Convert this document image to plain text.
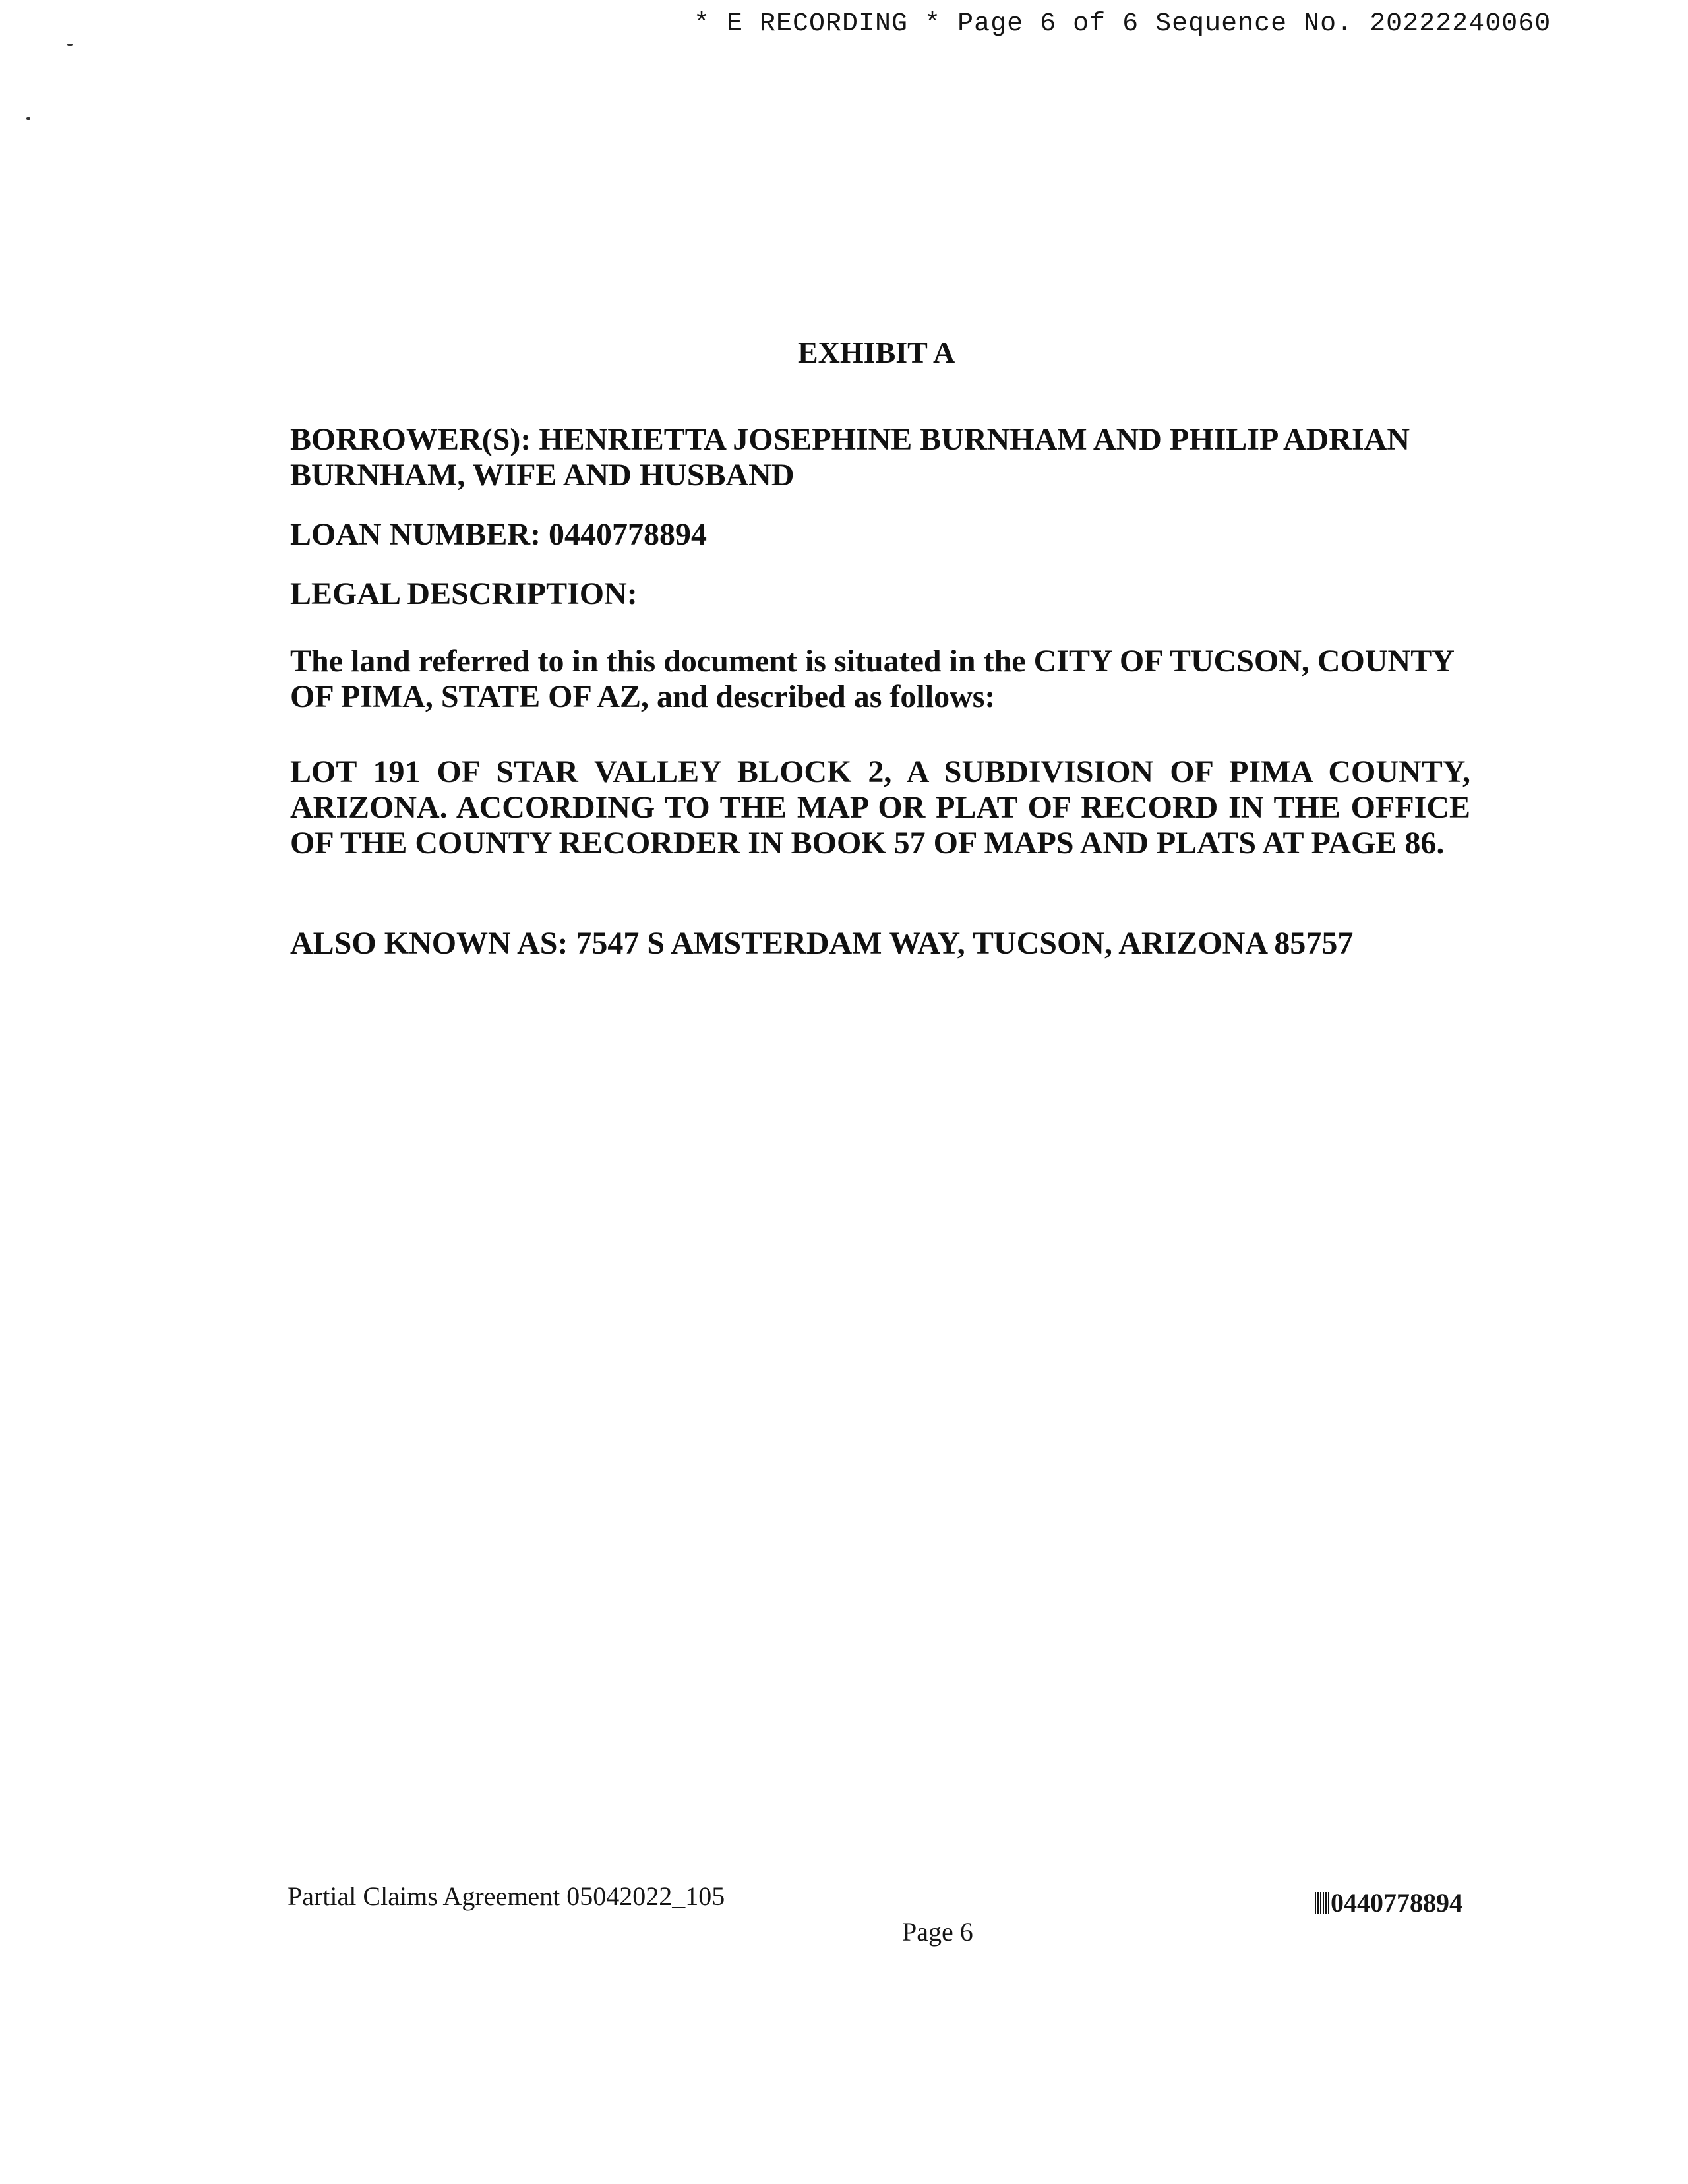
* E RECORDING * Page 6 of 6 Sequence No. 20222240060
EXHIBIT A
BORROWER(S): HENRIETTA JOSEPHINE BURNHAM AND PHILIP ADRIAN BURNHAM, WIFE AND HUSBAND
LOAN NUMBER: 0440778894
LEGAL DESCRIPTION:
The land referred to in this document is situated in the CITY OF TUCSON, COUNTY OF PIMA, STATE OF AZ, and described as follows:
LOT 191 OF STAR VALLEY BLOCK 2, A SUBDIVISION OF PIMA COUNTY, ARIZONA. ACCORDING TO THE MAP OR PLAT OF RECORD IN THE OFFICE OF THE COUNTY RECORDER IN BOOK 57 OF MAPS AND PLATS AT PAGE 86.
ALSO KNOWN AS: 7547 S AMSTERDAM WAY, TUCSON, ARIZONA 85757
Partial Claims Agreement 05042022_105
Page 6
0440778894
